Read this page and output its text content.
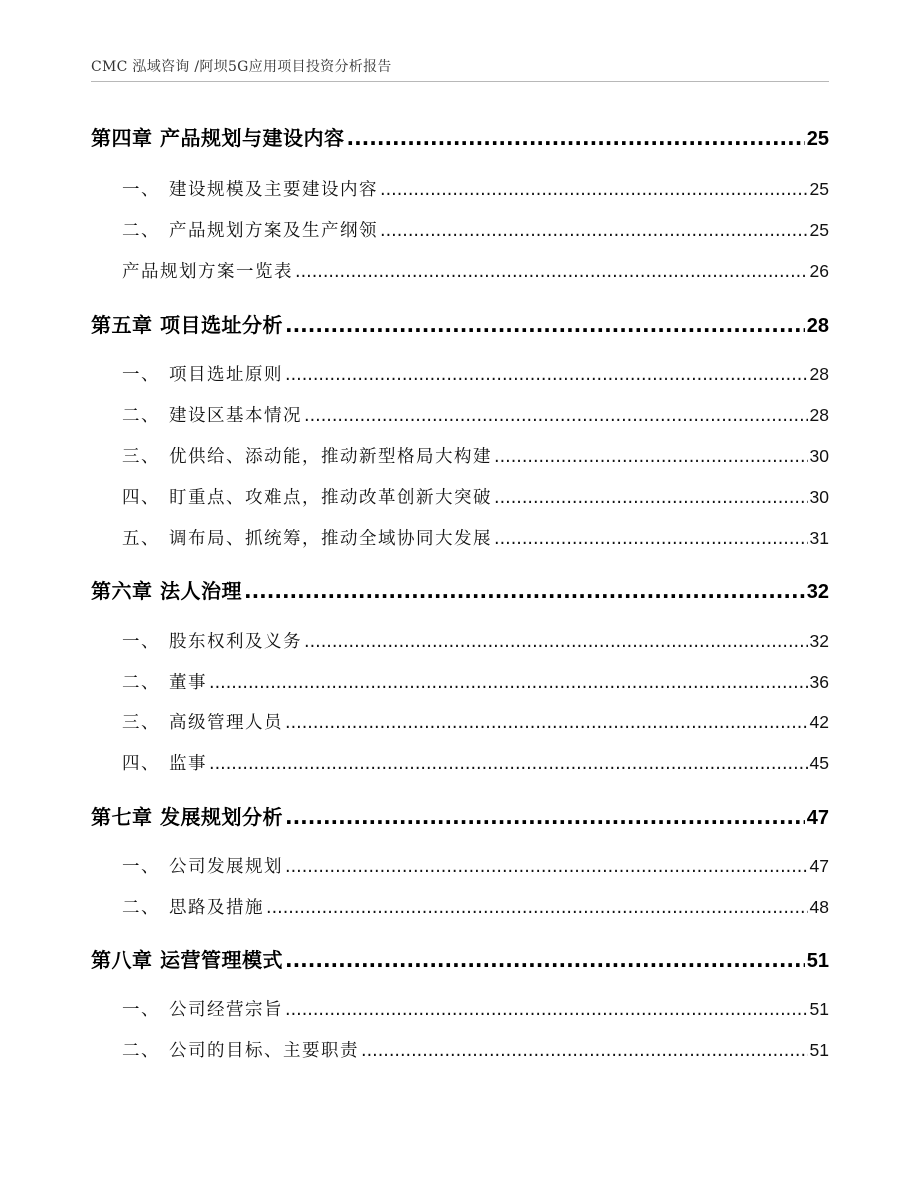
CMC 泓域咨询 /阿坝5G应用项目投资分析报告
第四章 产品规划与建设内容 .....	25
一、 建设规模及主要建设内容 .....	25
二、 产品规划方案及生产纲领 .....	25
产品规划方案一览表 .....	26
第五章 项目选址分析 .....	28
一、 项目选址原则 .....	28
二、 建设区基本情况 .....	28
三、 优供给、添动能，推动新型格局大构建 .....	30
四、 盯重点、攻难点，推动改革创新大突破 .....	30
五、 调布局、抓统筹，推动全域协同大发展 .....	31
第六章 法人治理 .....	32
一、 股东权利及义务 .....	32
二、 董事 .....	36
三、 高级管理人员 .....	42
四、 监事 .....	45
第七章 发展规划分析 .....	47
一、 公司发展规划 .....	47
二、 思路及措施 .....	48
第八章 运营管理模式 .....	51
一、 公司经营宗旨 .....	51
二、 公司的目标、主要职责 .....	51
